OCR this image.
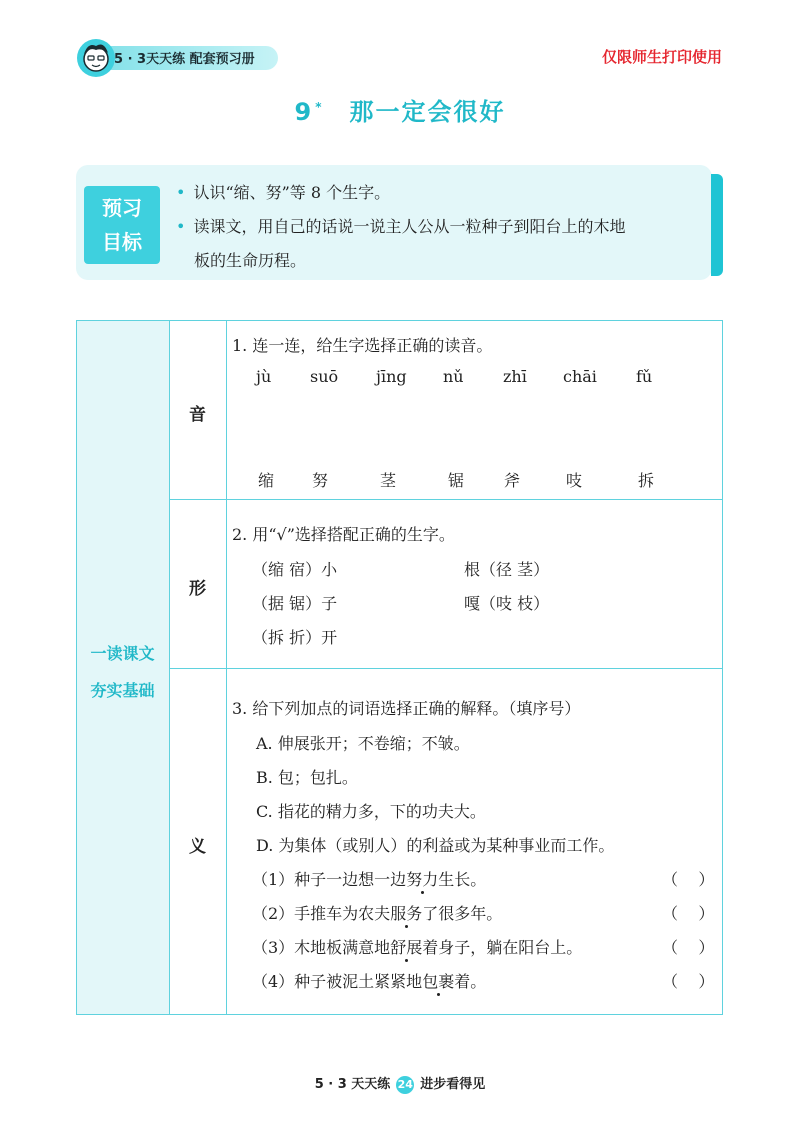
5 · 3天天练 配套预习册	仅限师生打印使用
9 * 那一定会很好
预习
目标
• 认识“缩、努”等 8 个生字。
• 读课文，用自己的话说一说主人公从一粒种子到阳台上的木地
板的生命历程。
一读课文
夯实基础
音
1. 连一连，给生字选择正确的读音。
jù suō jīng nǔ zhī chāi fǔ
缩 努	茎	锯 斧	吱	拆
形
2. 用“√”选择搭配正确的生字。
（缩 宿）小	根（径 茎）
（据 锯）子	嘎（吱 枝）
（拆 折）开
义
3. 给下列加点的词语选择正确的解释。（填序号）
A. 伸展张开；不卷缩；不皱。
B. 包；包扎。
C. 指花的精力多，下的功夫大。
D. 为集体（或别人）的利益或为某种事业而工作。
（1）种子一边想一边努力生长。	（    ）
（2）手推车为农夫服务了很多年。	（    ）
（3）木地板满意地舒展着身子，躺在阳台上。	（    ）
（4）种子被泥土紧紧地包裹着。	（    ）
5 · 3 天天练 24 进步看得见
